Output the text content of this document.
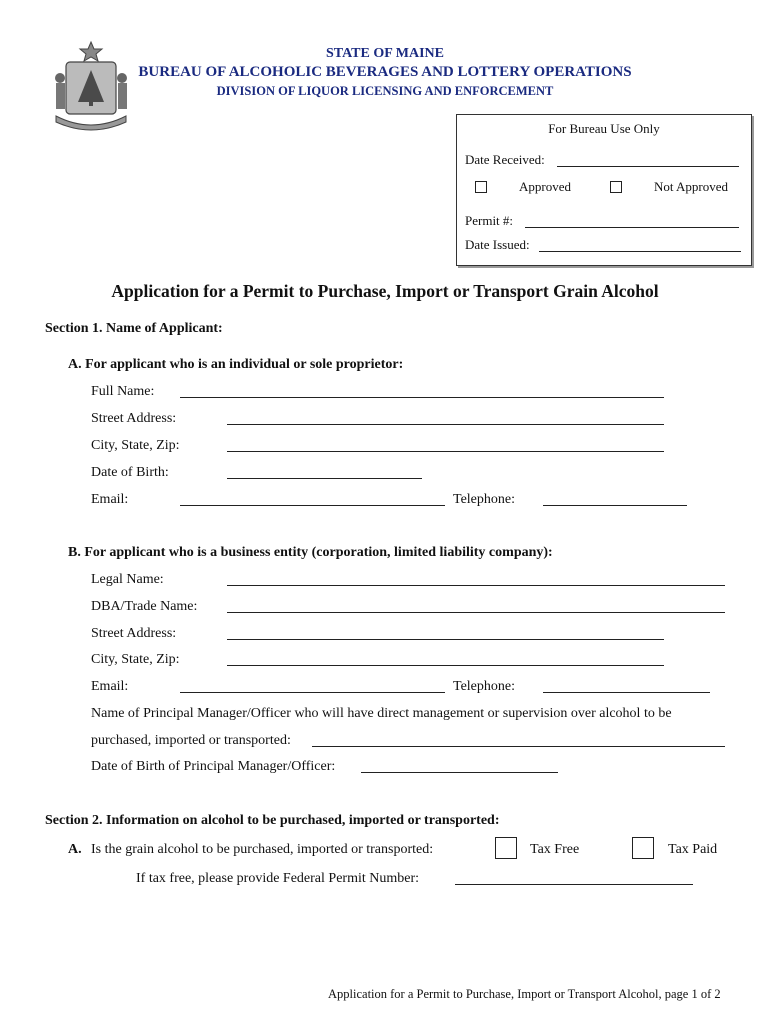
STATE OF MAINE
BUREAU OF ALCOHOLIC BEVERAGES AND LOTTERY OPERATIONS
DIVISION OF LIQUOR LICENSING AND ENFORCEMENT
For Bureau Use Only
Date Received:
Approved	Not Approved
Permit #:
Date Issued:
Application for a Permit to Purchase, Import or Transport Grain Alcohol
Section 1. Name of Applicant:
A. For applicant who is an individual or sole proprietor:
Full Name:
Street Address:
City, State, Zip:
Date of Birth:
Email:	Telephone:
B. For applicant who is a business entity (corporation, limited liability company):
Legal Name:
DBA/Trade Name:
Street Address:
City, State, Zip:
Email:	Telephone:
Name of Principal Manager/Officer who will have direct management or supervision over alcohol to be
purchased, imported or transported:
Date of Birth of Principal Manager/Officer:
Section 2. Information on alcohol to be purchased, imported or transported:
A. Is the grain alcohol to be purchased, imported or transported:	Tax Free	Tax Paid
If tax free, please provide Federal Permit Number:
Application for a Permit to Purchase, Import or Transport Alcohol, page 1 of 2
